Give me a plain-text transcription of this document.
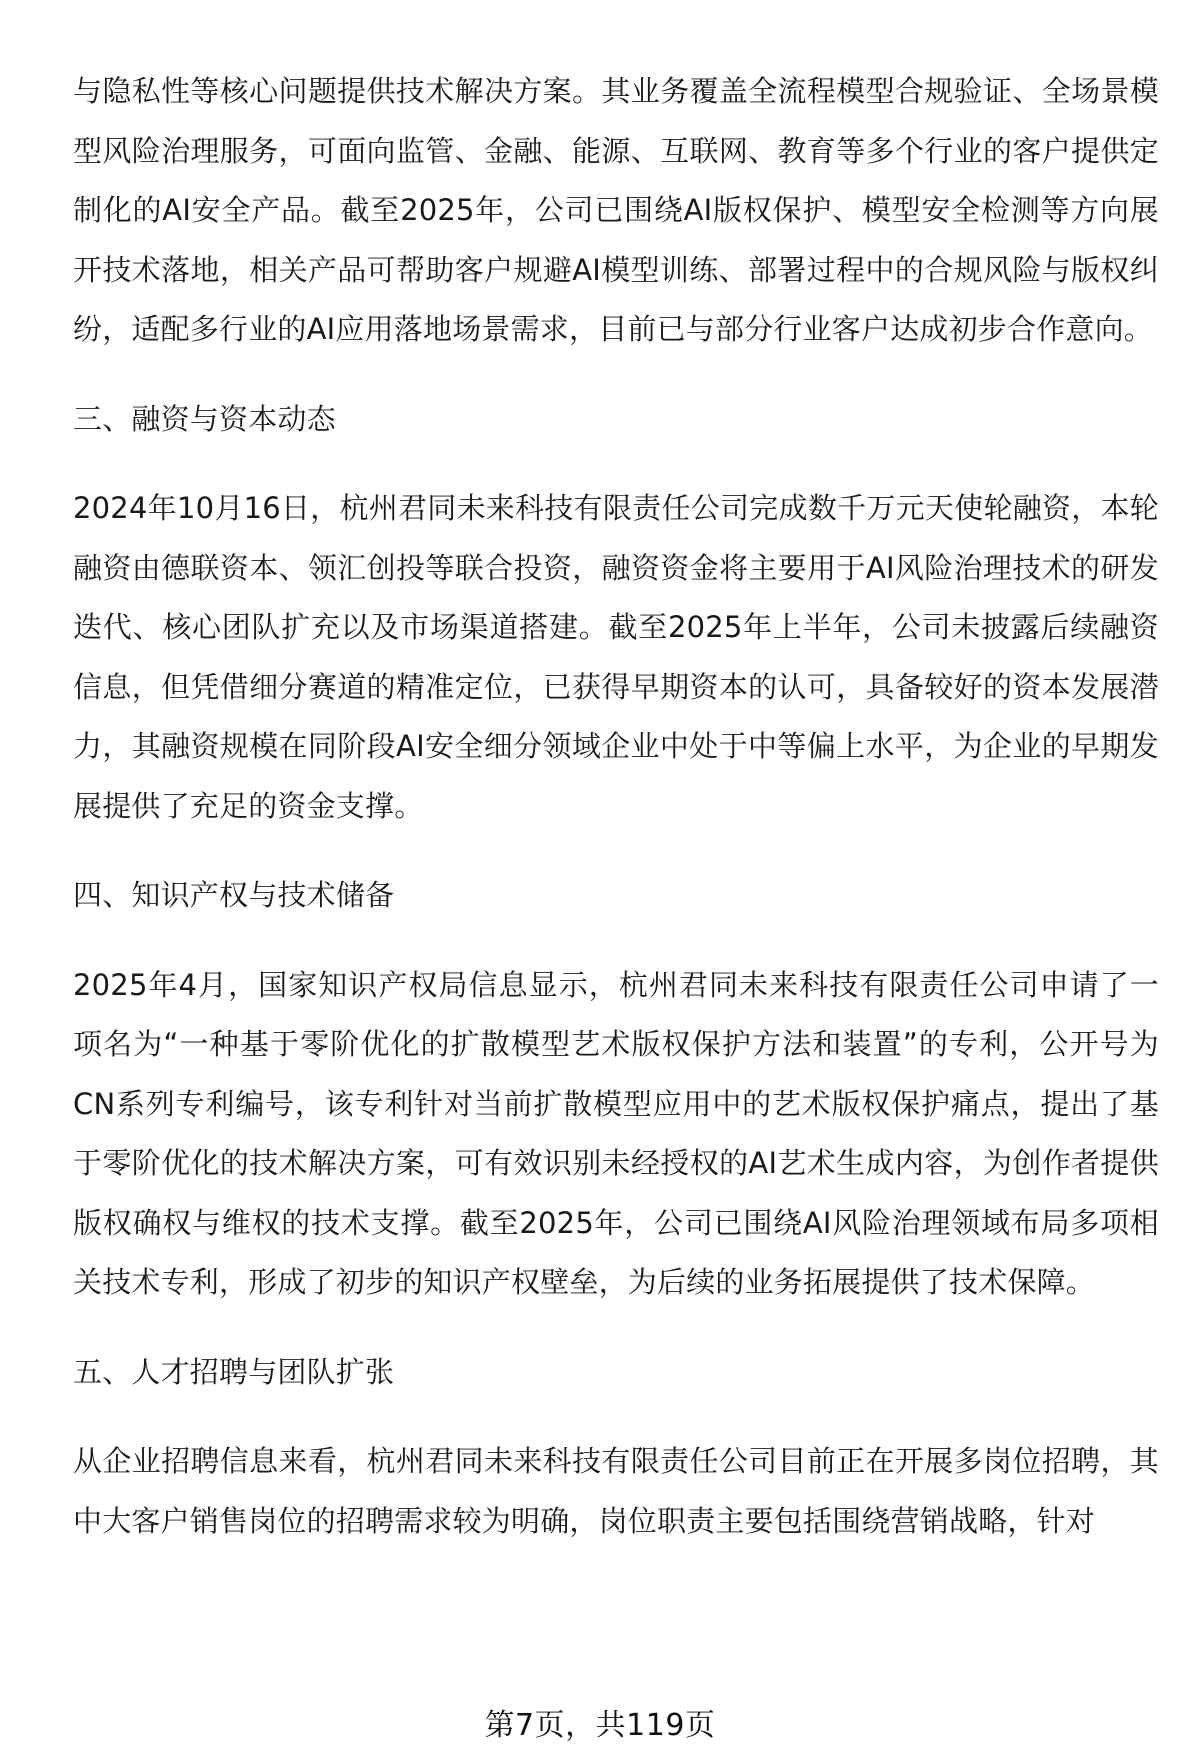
与隐私性等核心问题提供技术解决方案。其业务覆盖全流程模型合规验证、全场景模型风险治理服务，可面向监管、金融、能源、互联网、教育等多个行业的客户提供定制化的AI安全产品。截至2025年，公司已围绕AI版权保护、模型安全检测等方向展开技术落地，相关产品可帮助客户规避AI模型训练、部署过程中的合规风险与版权纠纷，适配多行业的AI应用落地场景需求，目前已与部分行业客户达成初步合作意向。

三、融资与资本动态

2024年10月16日，杭州君同未来科技有限责任公司完成数千万元天使轮融资，本轮融资由德联资本、领汇创投等联合投资，融资资金将主要用于AI风险治理技术的研发迭代、核心团队扩充以及市场渠道搭建。截至2025年上半年，公司未披露后续融资信息，但凭借细分赛道的精准定位，已获得早期资本的认可，具备较好的资本发展潜力，其融资规模在同阶段AI安全细分领域企业中处于中等偏上水平，为企业的早期发展提供了充足的资金支撑。

四、知识产权与技术储备

2025年4月，国家知识产权局信息显示，杭州君同未来科技有限责任公司申请了一项名为“一种基于零阶优化的扩散模型艺术版权保护方法和装置”的专利，公开号为CN系列专利编号，该专利针对当前扩散模型应用中的艺术版权保护痛点，提出了基于零阶优化的技术解决方案，可有效识别未经授权的AI艺术生成内容，为创作者提供版权确权与维权的技术支撑。截至2025年，公司已围绕AI风险治理领域布局多项相关技术专利，形成了初步的知识产权壁垒，为后续的业务拓展提供了技术保障。

五、人才招聘与团队扩张

从企业招聘信息来看，杭州君同未来科技有限责任公司目前正在开展多岗位招聘，其中大客户销售岗位的招聘需求较为明确，岗位职责主要包括围绕营销战略，针对

第7页，共119页
